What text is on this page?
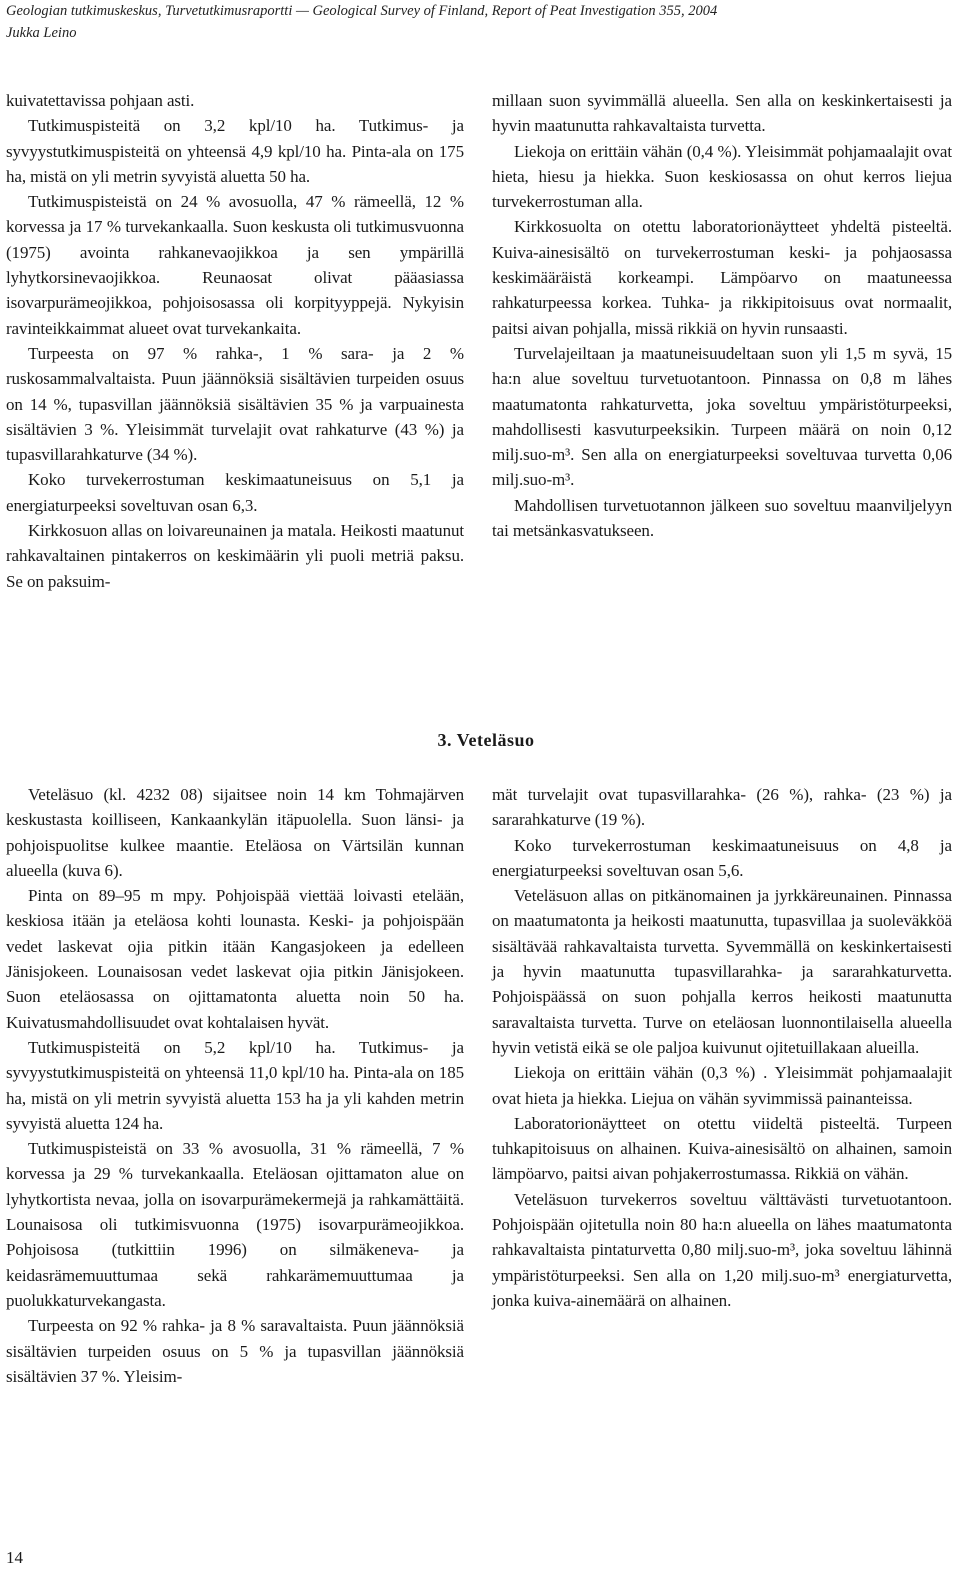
Geologian tutkimuskeskus, Turvetutkimusraportti — Geological Survey of Finland, Report of Peat Investigation 355, 2004
Jukka Leino

kuivatettavissa pohjaan asti.

Tutkimuspisteitä on 3,2 kpl/10 ha. Tutkimus- ja syvyystutkimuspisteitä on yhteensä 4,9 kpl/10 ha. Pinta-ala on 175 ha, mistä on yli metrin syvyistä aluetta 50 ha.

Tutkimuspisteistä on 24 % avosuolla, 47 % rämeellä, 12 % korvessa ja 17 % turvekankaalla. Suon keskusta oli tutkimusvuonna (1975) avointa rahkanevaojikkoa ja sen ympärillä lyhytkorsinevaojikkoa. Reunaosat olivat pääasiassa isovarpurämeojikkoa, pohjoisosassa oli korpityyppejä. Nykyisin ravinteikkaimmat alueet ovat turvekankaita.

Turpeesta on 97 % rahka-, 1 % sara- ja 2 % ruskosammalvaltaista. Puun jäännöksiä sisältävien turpeiden osuus on 14 %, tupasvillan jäännöksiä sisältävien 35 % ja varpuainesta sisältävien 3 %. Yleisimmät turvelajit ovat rahkaturve (43 %) ja tupasvillarahkaturve (34 %).

Koko turvekerrostuman keskimaatuneisuus on 5,1 ja energiaturpeeksi soveltuvan osan 6,3.

Kirkkosuon allas on loivareunainen ja matala. Heikosti maatunut rahkavaltainen pintakerros on keskimäärin yli puoli metriä paksu. Se on paksuim-

millaan suon syvimmällä alueella. Sen alla on keskinkertaisesti ja hyvin maatunutta rahkavaltaista turvetta.

Liekoja on erittäin vähän (0,4 %). Yleisimmät pohjamaalajit ovat hieta, hiesu ja hiekka. Suon keskiosassa on ohut kerros liejua turvekerrostuman alla.

Kirkkosuolta on otettu laboratorionäytteet yhdeltä pisteeltä. Kuiva-ainesisältö on turvekerrostuman keski- ja pohjaosassa keskimääräistä korkeampi. Lämpöarvo on maatuneessa rahkaturpeessa korkea. Tuhka- ja rikkipitoisuus ovat normaalit, paitsi aivan pohjalla, missä rikkiä on hyvin runsaasti.

Turvelajeiltaan ja maatuneisuudeltaan suon yli 1,5 m syvä, 15 ha:n alue soveltuu turvetuotantoon. Pinnassa on 0,8 m lähes maatumatonta rahkaturvetta, joka soveltuu ympäristöturpeeksi, mahdollisesti kasvuturpeeksikin. Turpeen määrä on noin 0,12 milj.suo-m³. Sen alla on energiaturpeeksi soveltuvaa turvetta 0,06 milj.suo-m³.

Mahdollisen turvetuotannon jälkeen suo soveltuu maanviljelyyn tai metsänkasvatukseen.

3. Veteläsuo

Veteläsuo (kl. 4232 08) sijaitsee noin 14 km Tohmajärven keskustasta koilliseen, Kankaankylän itäpuolella. Suon länsi- ja pohjoispuolitse kulkee maantie. Eteläosa on Värtsilän kunnan alueella (kuva 6).

Pinta on 89–95 m mpy. Pohjoispää viettää loivasti etelään, keskiosa itään ja eteläosa kohti lounasta. Keski- ja pohjoispään vedet laskevat ojia pitkin itään Kangasjokeen ja edelleen Jänisjokeen. Lounaisosan vedet laskevat ojia pitkin Jänisjokeen. Suon eteläosassa on ojittamatonta aluetta noin 50 ha. Kuivatusmahdollisuudet ovat kohtalaisen hyvät.

Tutkimuspisteitä on 5,2 kpl/10 ha. Tutkimus- ja syvyystutkimuspisteitä on yhteensä 11,0 kpl/10 ha. Pinta-ala on 185 ha, mistä on yli metrin syvyistä aluetta 153 ha ja yli kahden metrin syvyistä aluetta 124 ha.

Tutkimuspisteistä on 33 % avosuolla, 31 % rämeellä, 7 % korvessa ja 29 % turvekankaalla. Eteläosan ojittamaton alue on lyhytkortista nevaa, jolla on isovarpurämekermejä ja rahkamättäitä. Lounaisosa oli tutkimisvuonna (1975) isovarpurämeojikkoa. Pohjoisosa (tutkittiin 1996) on silmäkeneva- ja keidasrämemuuttumaa sekä rahkarämemuuttumaa ja puolukkaturvekangasta.

Turpeesta on 92 % rahka- ja 8 % saravaltaista. Puun jäännöksiä sisältävien turpeiden osuus on 5 % ja tupasvillan jäännöksiä sisältävien 37 %. Yleisim-

mät turvelajit ovat tupasvillarahka- (26 %), rahka- (23 %) ja sararahkaturve (19 %).

Koko turvekerrostuman keskimaatuneisuus on 4,8 ja energiaturpeeksi soveltuvan osan 5,6.

Veteläsuon allas on pitkänomainen ja jyrkkäreunainen. Pinnassa on maatumatonta ja heikosti maatunutta, tupasvillaa ja suoleväkköä sisältävää rahkavaltaista turvetta. Syvemmällä on keskinkertaisesti ja hyvin maatunutta tupasvillarahka- ja sararahkaturvetta. Pohjoispäässä on suon pohjalla kerros heikosti maatunutta saravaltaista turvetta. Turve on eteläosan luonnontilaisella alueella hyvin vetistä eikä se ole paljoa kuivunut ojitetuillakaan alueilla.

Liekoja on erittäin vähän (0,3 %) . Yleisimmät pohjamaalajit ovat hieta ja hiekka. Liejua on vähän syvimmissä painanteissa.

Laboratorionäytteet on otettu viideltä pisteeltä. Turpeen tuhkapitoisuus on alhainen. Kuiva-ainesisältö on alhainen, samoin lämpöarvo, paitsi aivan pohjakerrostumassa. Rikkiä on vähän.

Veteläsuon turvekerros soveltuu välttävästi turvetuotantoon. Pohjoispään ojitetulla noin 80 ha:n alueella on lähes maatumatonta rahkavaltaista pintaturvetta 0,80 milj.suo-m³, joka soveltuu lähinnä ympäristöturpeeksi. Sen alla on 1,20 milj.suo-m³ energiaturvetta, jonka kuiva-ainemäärä on alhainen.

14
